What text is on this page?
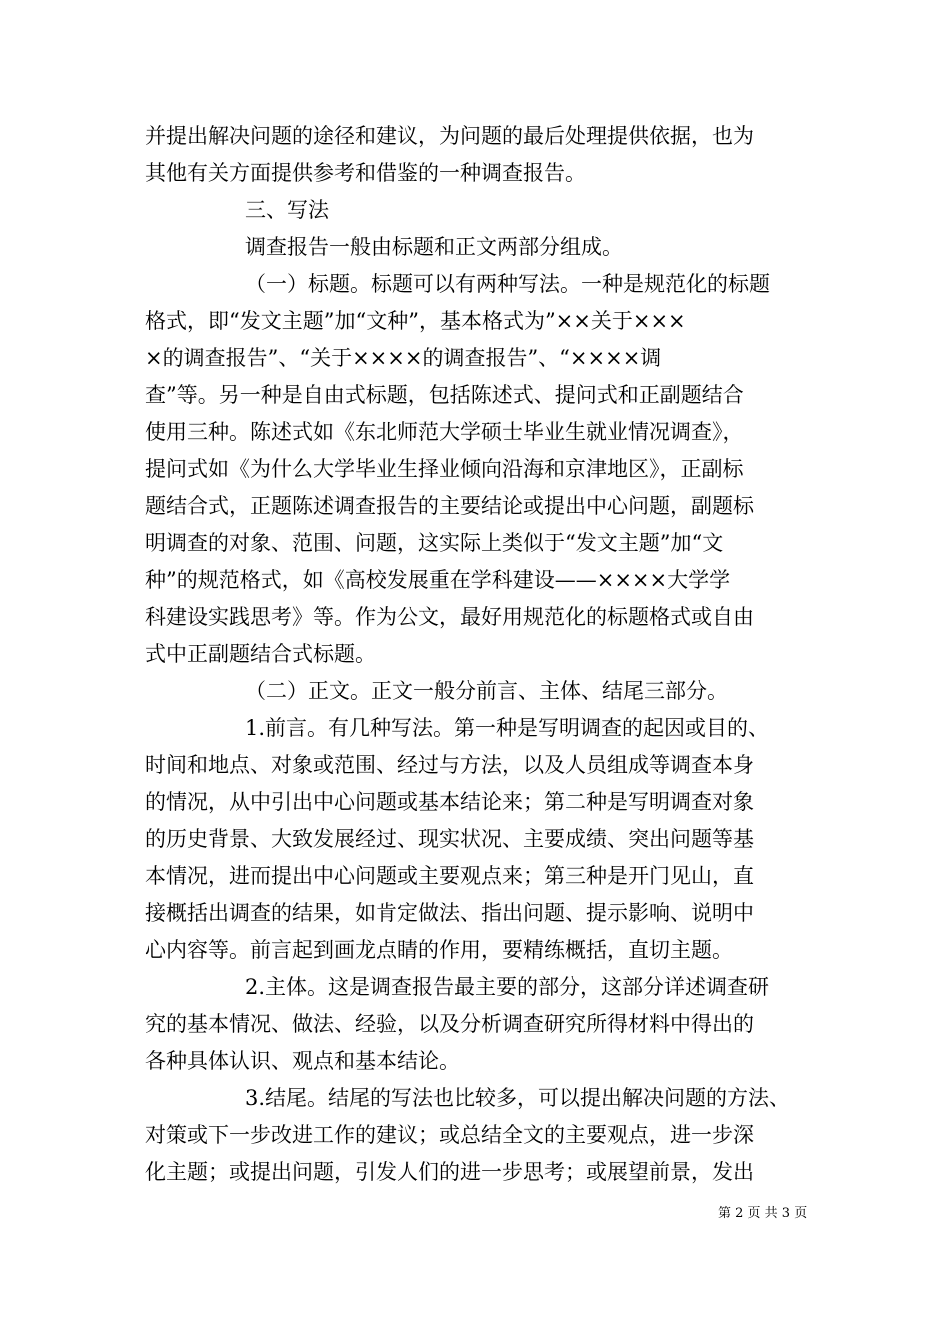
并提出解决问题的途径和建议，为问题的最后处理提供依据，也为
其他有关方面提供参考和借鉴的一种调查报告。
三、写法
调查报告一般由标题和正文两部分组成。
（一）标题。标题可以有两种写法。一种是规范化的标题
格式，即“发文主题”加“文种”，基本格式为”××关于×××
×的调查报告”、“关于××××的调查报告”、“××××调
查”等。另一种是自由式标题，包括陈述式、提问式和正副题结合
使用三种。陈述式如《东北师范大学硕士毕业生就业情况调查》，
提问式如《为什么大学毕业生择业倾向沿海和京津地区》，正副标
题结合式，正题陈述调查报告的主要结论或提出中心问题，副题标
明调查的对象、范围、问题，这实际上类似于“发文主题”加“文
种”的规范格式，如《高校发展重在学科建设——××××大学学
科建设实践思考》等。作为公文，最好用规范化的标题格式或自由
式中正副题结合式标题。
（二）正文。正文一般分前言、主体、结尾三部分。
1.前言。有几种写法。第一种是写明调查的起因或目的、
时间和地点、对象或范围、经过与方法，以及人员组成等调查本身
的情况，从中引出中心问题或基本结论来；第二种是写明调查对象
的历史背景、大致发展经过、现实状况、主要成绩、突出问题等基
本情况，进而提出中心问题或主要观点来；第三种是开门见山，直
接概括出调查的结果，如肯定做法、指出问题、提示影响、说明中
心内容等。前言起到画龙点睛的作用，要精练概括，直切主题。
2.主体。这是调查报告最主要的部分，这部分详述调查研
究的基本情况、做法、经验，以及分析调查研究所得材料中得出的
各种具体认识、观点和基本结论。
3.结尾。结尾的写法也比较多，可以提出解决问题的方法、
对策或下一步改进工作的建议；或总结全文的主要观点，进一步深
化主题；或提出问题，引发人们的进一步思考；或展望前景，发出
第 2 页 共 3 页
